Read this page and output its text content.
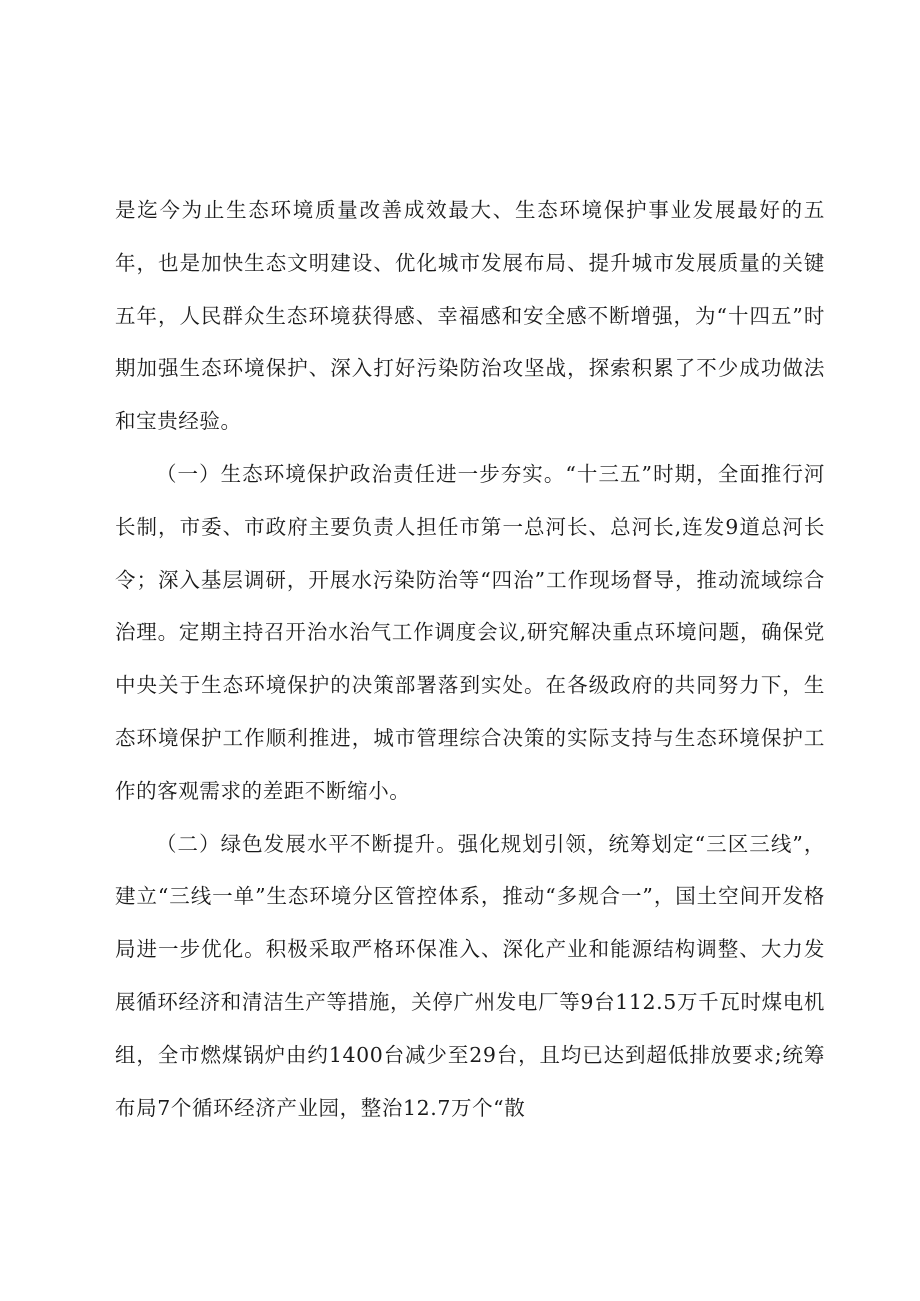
是迄今为止生态环境质量改善成效最大、生态环境保护事业发展最好的五年，也是加快生态文明建设、优化城市发展布局、提升城市发展质量的关键五年，人民群众生态环境获得感、幸福感和安全感不断增强，为“十四五”时期加强生态环境保护、深入打好污染防治攻坚战，探索积累了不少成功做法和宝贵经验。

（一）生态环境保护政治责任进一步夯实。“十三五”时期，全面推行河长制，市委、市政府主要负责人担任市第一总河长、总河长,连发9道总河长令；深入基层调研，开展水污染防治等“四治”工作现场督导，推动流域综合治理。定期主持召开治水治气工作调度会议,研究解决重点环境问题，确保党中央关于生态环境保护的决策部署落到实处。在各级政府的共同努力下，生态环境保护工作顺利推进，城市管理综合决策的实际支持与生态环境保护工作的客观需求的差距不断缩小。

（二）绿色发展水平不断提升。强化规划引领，统筹划定“三区三线”，建立“三线一单”生态环境分区管控体系，推动“多规合一”，国土空间开发格局进一步优化。积极采取严格环保准入、深化产业和能源结构调整、大力发展循环经济和清洁生产等措施，关停广州发电厂等9台112.5万千瓦时煤电机组，全市燃煤锅炉由约1400台减少至29台，且均已达到超低排放要求;统筹布局7个循环经济产业园，整治12.7万个“散
